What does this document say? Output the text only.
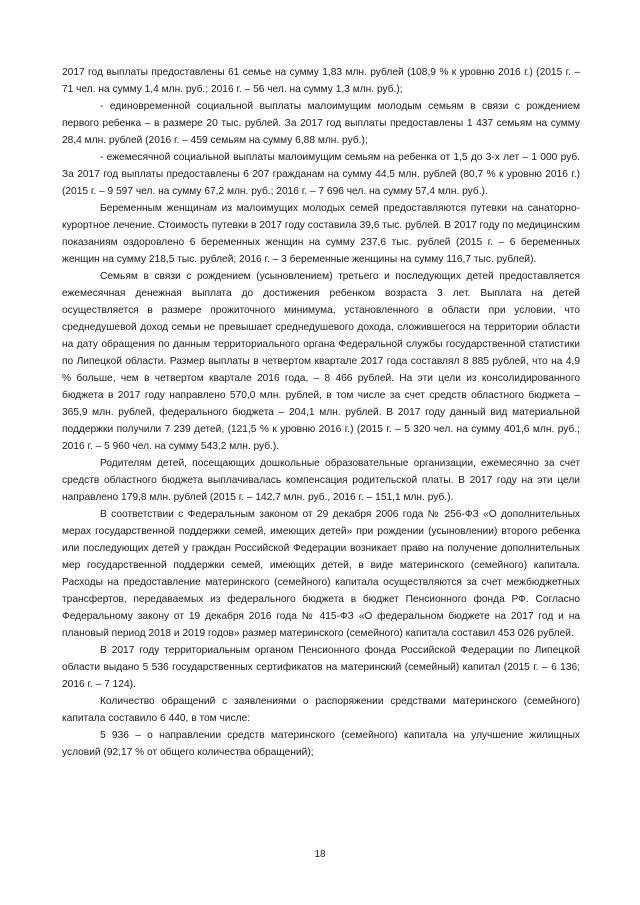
2017 год выплаты предоставлены 61 семье на сумму 1,83 млн. рублей (108,9 % к уровню 2016 г.) (2015 г. – 71 чел. на сумму 1,4 млн. руб.; 2016 г. – 56 чел. на сумму 1,3 млн. руб.);

- единовременной социальной выплаты малоимущим молодым семьям в связи с рождением первого ребенка – в размере 20 тыс. рублей. За 2017 год выплаты предоставлены 1 437 семьям на сумму 28,4 млн. рублей (2016 г. – 459 семьям на сумму 6,88 млн. руб.);

- ежемесячной социальной выплаты малоимущим семьям на ребенка от 1,5 до 3-х лет – 1 000 руб. За 2017 год выплаты предоставлены 6 207 гражданам на сумму 44,5 млн. рублей (80,7 % к уровню 2016 г.) (2015 г. – 9 597 чел. на сумму 67,2 млн. руб.; 2016 г. – 7 696 чел. на сумму 57,4 млн. руб.).

Беременным женщинам из малоимущих молодых семей предоставляются путевки на санаторно-курортное лечение. Стоимость путевки в 2017 году составила 39,6 тыс. рублей. В 2017 году по медицинским показаниям оздоровлено 6 беременных женщин на сумму 237,6 тыс. рублей (2015 г. – 6 беременных женщин на сумму 218,5 тыс. рублей; 2016 г. – 3 беременные женщины на сумму 116,7 тыс. рублей).

Семьям в связи с рождением (усыновлением) третьего и последующих детей предоставляется ежемесячная денежная выплата до достижения ребенком возраста 3 лет. Выплата на детей осуществляется в размере прожиточного минимума, установленного в области при условии, что среднедушевой доход семьи не превышает среднедушевого дохода, сложившегося на территории области на дату обращения по данным территориального органа Федеральной службы государственной статистики по Липецкой области. Размер выплаты в четвертом квартале 2017 года составлял 8 885 рублей, что на 4,9 % больше, чем в четвертом квартале 2016 года, – 8 466 рублей. На эти цели из консолидированного бюджета в 2017 году направлено 570,0 млн. рублей, в том числе за счет средств областного бюджета – 365,9 млн. рублей, федерального бюджета – 204,1 млн. рублей. В 2017 году данный вид материальной поддержки получили 7 239 детей, (121,5 % к уровню 2016 г.) (2015 г. – 5 320 чел. на сумму 401,6 млн. руб.; 2016 г. – 5 960 чел. на сумму 543,2 млн. руб.).

Родителям детей, посещающих дошкольные образовательные организации, ежемесячно за счет средств областного бюджета выплачивалась компенсация родительской платы. В 2017 году на эти цели направлено 179,8 млн. рублей (2015 г. – 142,7 млн. руб., 2016 г. – 151,1 млн. руб.).

В соответствии с Федеральным законом от 29 декабря 2006 года № 256-ФЗ «О дополнительных мерах государственной поддержки семей, имеющих детей» при рождении (усыновлении) второго ребенка или последующих детей у граждан Российской Федерации возникает право на получение дополнительных мер государственной поддержки семей, имеющих детей, в виде материнского (семейного) капитала. Расходы на предоставление материнского (семейного) капитала осуществляются за счет межбюджетных трансфертов, передаваемых из федерального бюджета в бюджет Пенсионного фонда РФ. Согласно Федеральному закону от 19 декабря 2016 года № 415-ФЗ «О федеральном бюджете на 2017 год и на плановый период 2018 и 2019 годов» размер материнского (семейного) капитала составил 453 026 рублей.

В 2017 году территориальным органом Пенсионного фонда Российской Федерации по Липецкой области выдано 5 536 государственных сертификатов на материнский (семейный) капитал (2015 г. – 6 136; 2016 г. – 7 124).

Количество обращений с заявлениями о распоряжении средствами материнского (семейного) капитала составило 6 440, в том числе:

5 936 – о направлении средств материнского (семейного) капитала на улучшение жилищных условий (92,17 % от общего количества обращений);

18
